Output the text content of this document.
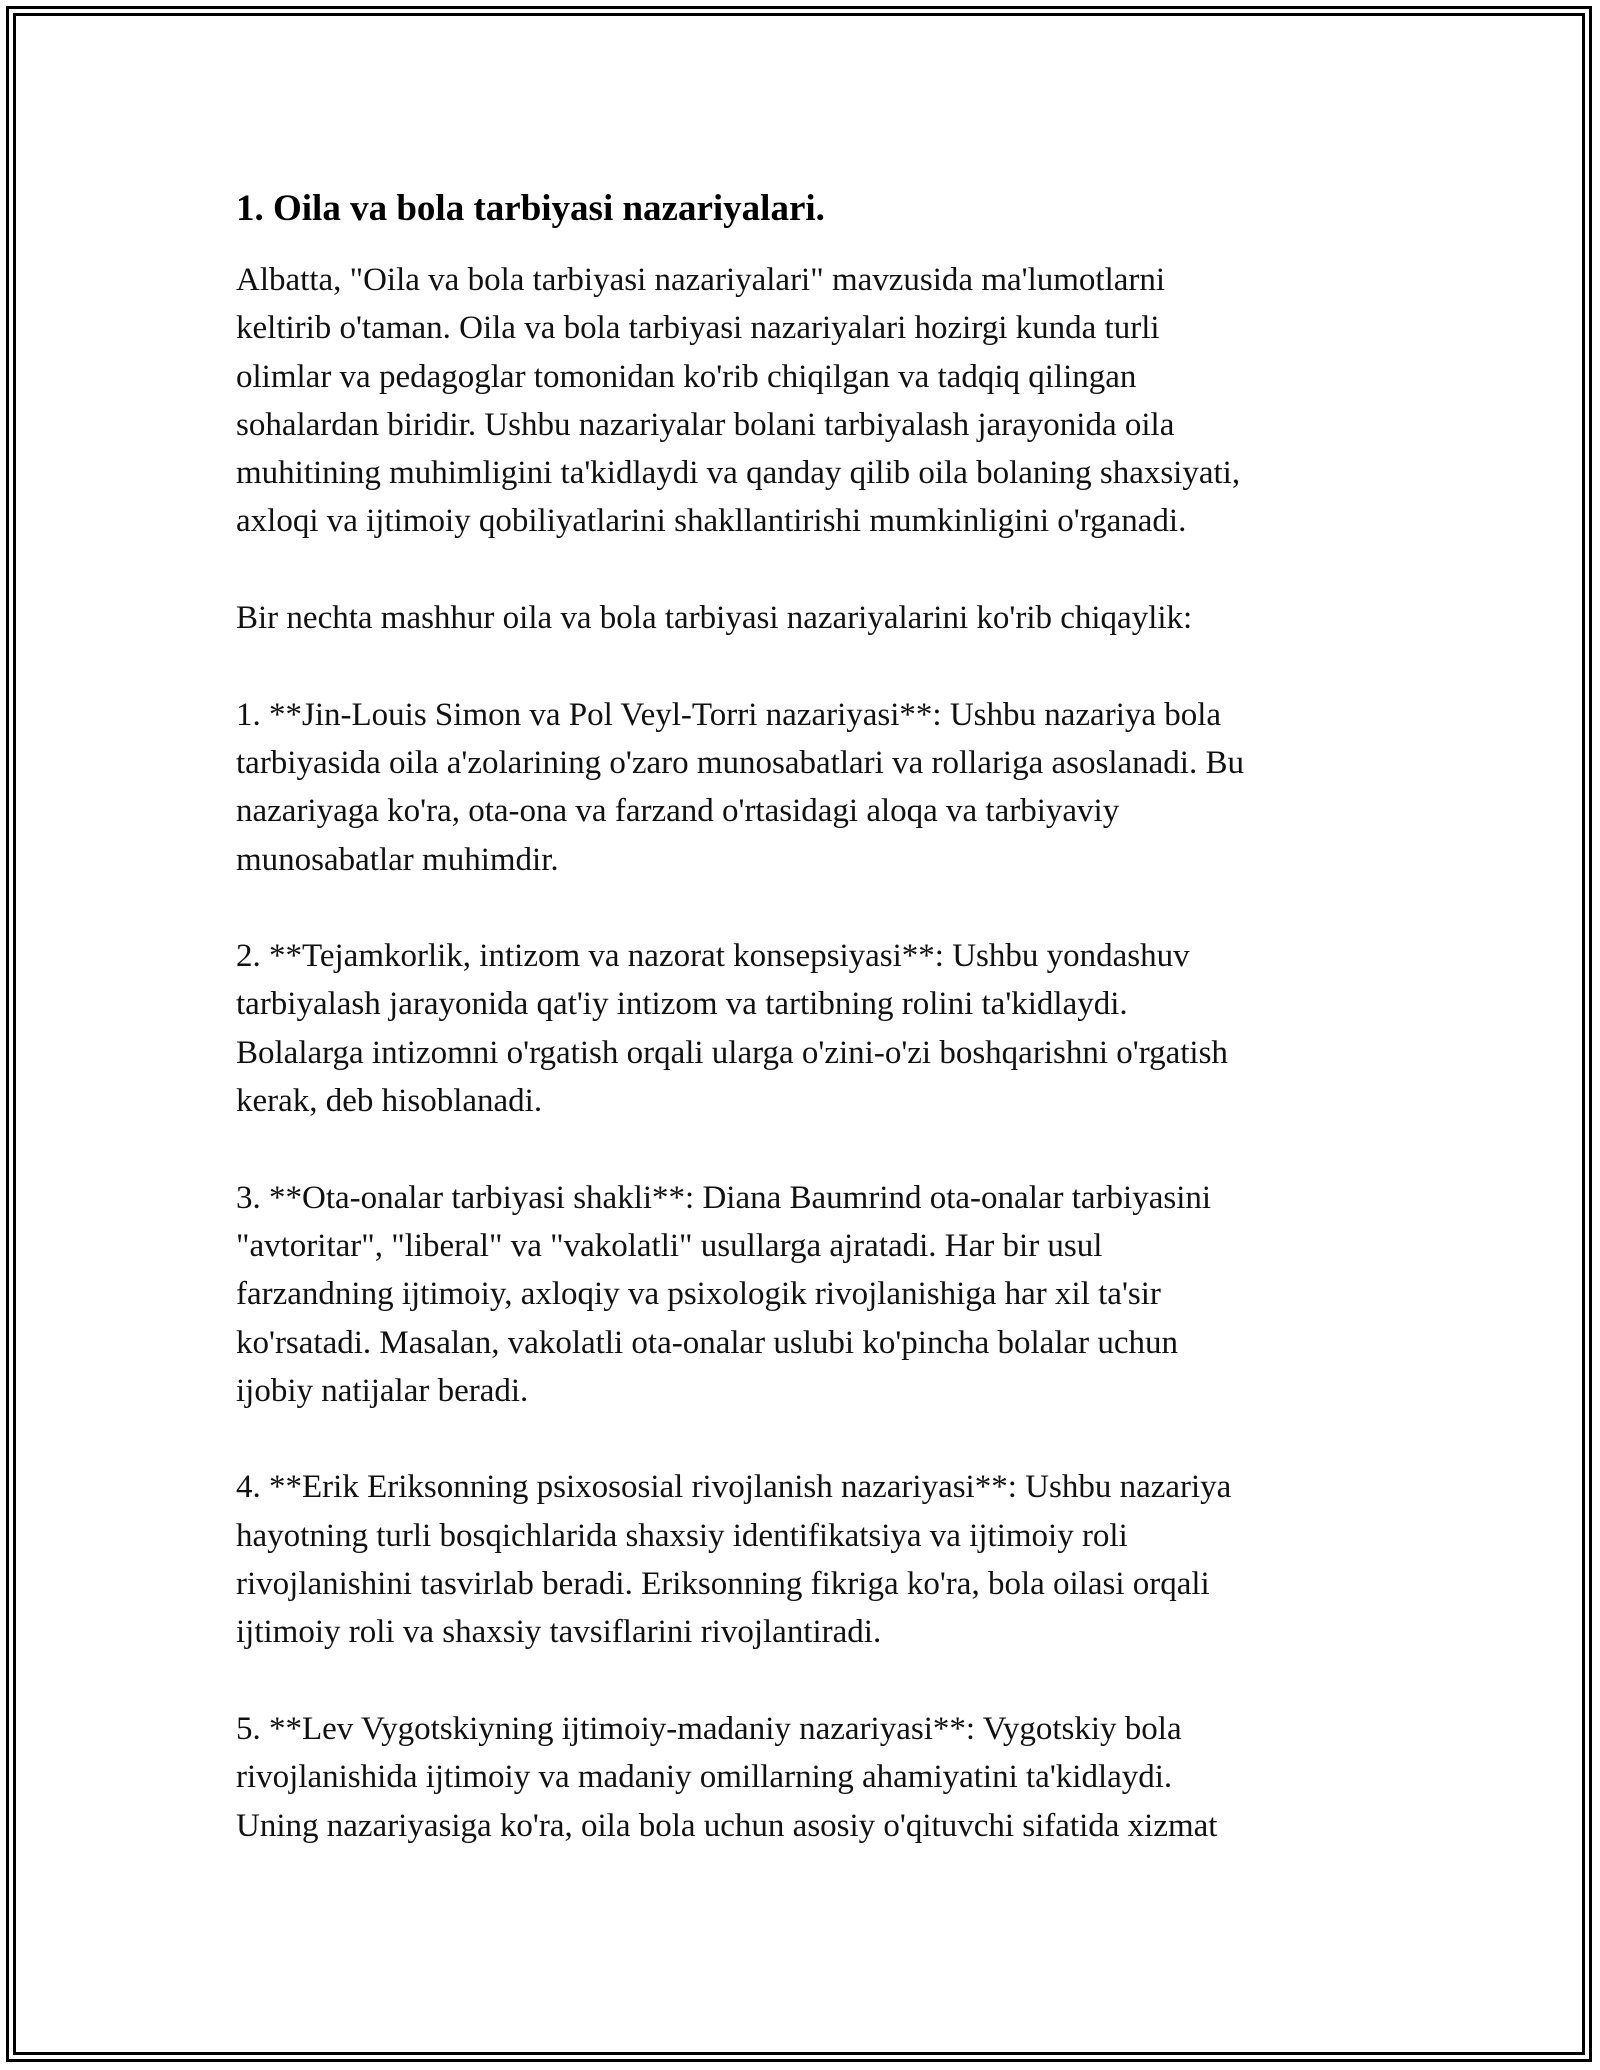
1. Oila va bola tarbiyasi nazariyalari.
Albatta, "Oila va bola tarbiyasi nazariyalari" mavzusida ma'lumotlarni
keltirib o'taman. Oila va bola tarbiyasi nazariyalari hozirgi kunda turli
olimlar va pedagoglar tomonidan ko'rib chiqilgan va tadqiq qilingan
sohalardan biridir. Ushbu nazariyalar bolani tarbiyalash jarayonida oila
muhitining muhimligini ta'kidlaydi va qanday qilib oila bolaning shaxsiyati,
axloqi va ijtimoiy qobiliyatlarini shakllantirishi mumkinligini o'rganadi.
Bir nechta mashhur oila va bola tarbiyasi nazariyalarini ko'rib chiqaylik:
1. **Jin-Louis Simon va Pol Veyl-Torri nazariyasi**: Ushbu nazariya bola
tarbiyasida oila a'zolarining o'zaro munosabatlari va rollariga asoslanadi. Bu
nazariyaga ko'ra, ota-ona va farzand o'rtasidagi aloqa va tarbiyaviy
munosabatlar muhimdir.
2. **Tejamkorlik, intizom va nazorat konsepsiyasi**: Ushbu yondashuv
tarbiyalash jarayonida qat'iy intizom va tartibning rolini ta'kidlaydi.
Bolalarga intizomni o'rgatish orqali ularga o'zini-o'zi boshqarishni o'rgatish
kerak, deb hisoblanadi.
3. **Ota-onalar tarbiyasi shakli**: Diana Baumrind ota-onalar tarbiyasini
"avtoritar", "liberal" va "vakolatli" usullarga ajratadi. Har bir usul
farzandning ijtimoiy, axloqiy va psixologik rivojlanishiga har xil ta'sir
ko'rsatadi. Masalan, vakolatli ota-onalar uslubi ko'pincha bolalar uchun
ijobiy natijalar beradi.
4. **Erik Eriksonning psixososial rivojlanish nazariyasi**: Ushbu nazariya
hayotning turli bosqichlarida shaxsiy identifikatsiya va ijtimoiy roli
rivojlanishini tasvirlab beradi. Eriksonning fikriga ko'ra, bola oilasi orqali
ijtimoiy roli va shaxsiy tavsiflarini rivojlantiradi.
5. **Lev Vygotskiyning ijtimoiy-madaniy nazariyasi**: Vygotskiy bola
rivojlanishida ijtimoiy va madaniy omillarning ahamiyatini ta'kidlaydi.
Uning nazariyasiga ko'ra, oila bola uchun asosiy o'qituvchi sifatida xizmat
